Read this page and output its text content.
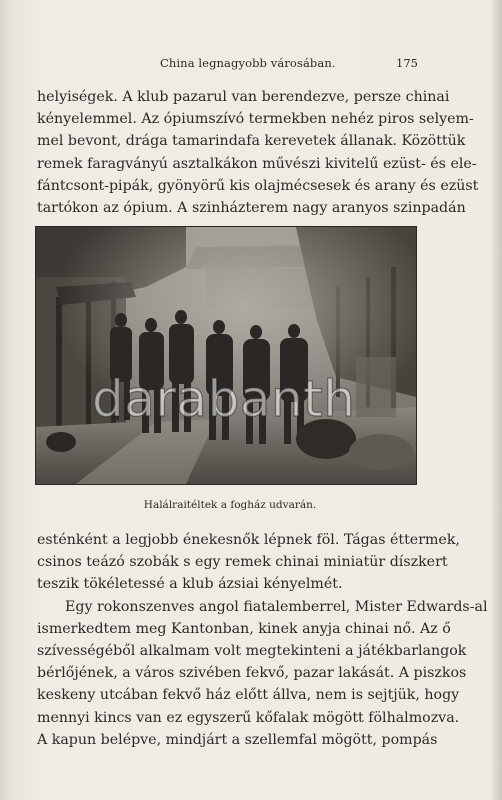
China legnagyobb városában.	175
helyiségek. A klub pazarul van berendezve, persze chinai
kényelemmel. Az ópiumszívó termekben nehéz piros selyem-
mel bevont, drága tamarindafa kerevetek állanak. Közöttük
remek faragványú asztalkákon művészi kivitelű ezüst- és ele-
fántcsont-pipák, gyönyörű kis olajmécsesek és arany és ezüst
tartókon az ópium. A szinházterem nagy aranyos szinpadán
Halálraitéltek a fogház udvarán.
esténként a legjobb énekesnők lépnek föl. Tágas éttermek,
csinos teázó szobák s egy remek chinai miniatür díszkert
teszik tökéletessé a klub ázsiai kényelmét.
Egy rokonszenves angol fiatalemberrel, Mister Edwards-al
ismerkedtem meg Kantonban, kinek anyja chinai nő. Az ő
szívességéből alkalmam volt megtekinteni a játékbarlangok
bérlőjének, a város szivében fekvő, pazar lakását. A piszkos
keskeny utcában fekvő ház előtt állva, nem is sejtjük, hogy
mennyi kincs van ez egyszerű kőfalak mögött fölhalmozva.
A kapun belépve, mindjárt a szellemfal mögött, pompás
darabanth
